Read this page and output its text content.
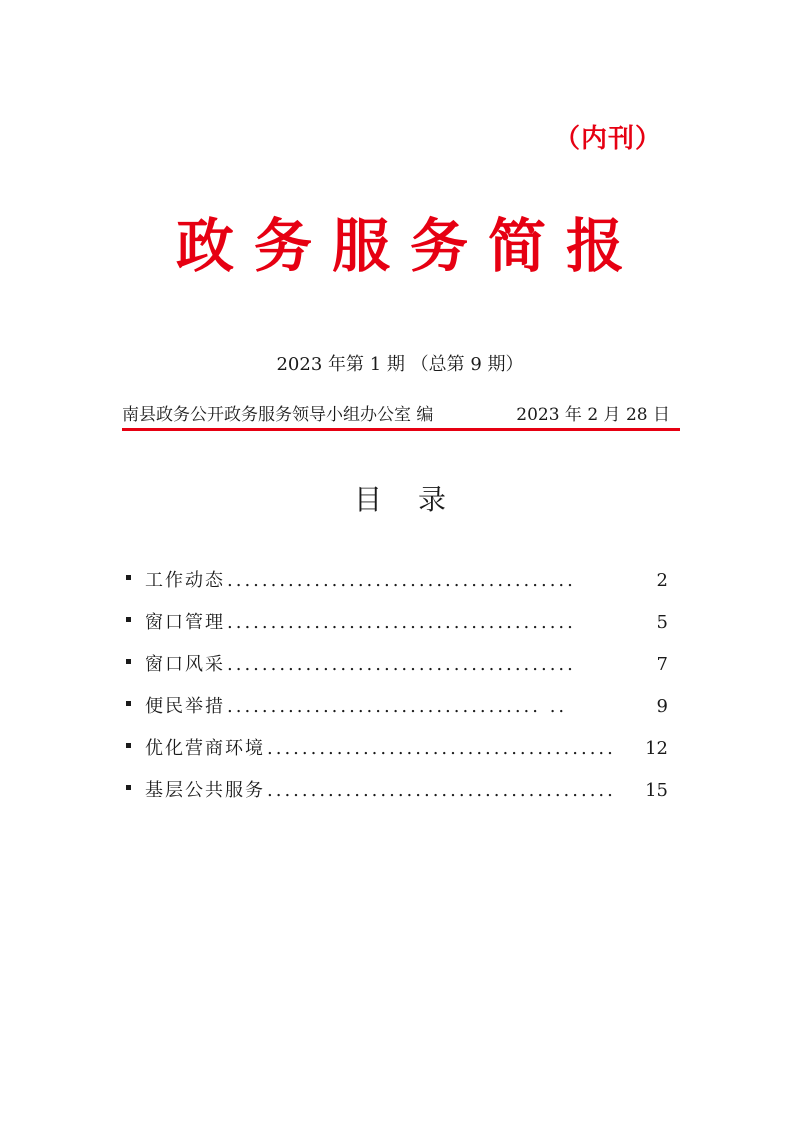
（内刊）
政务服务简报
2023 年第 1 期 （总第 9 期）
南县政务公开政务服务领导小组办公室 编	2023 年 2 月 28 日
目录
工作动态 ........................................	2
窗口管理 ........................................	5
窗口风采 ........................................	7
便民举措 .................................... ..	9
优化营商环境 ........................................	12
基层公共服务 ........................................	15
